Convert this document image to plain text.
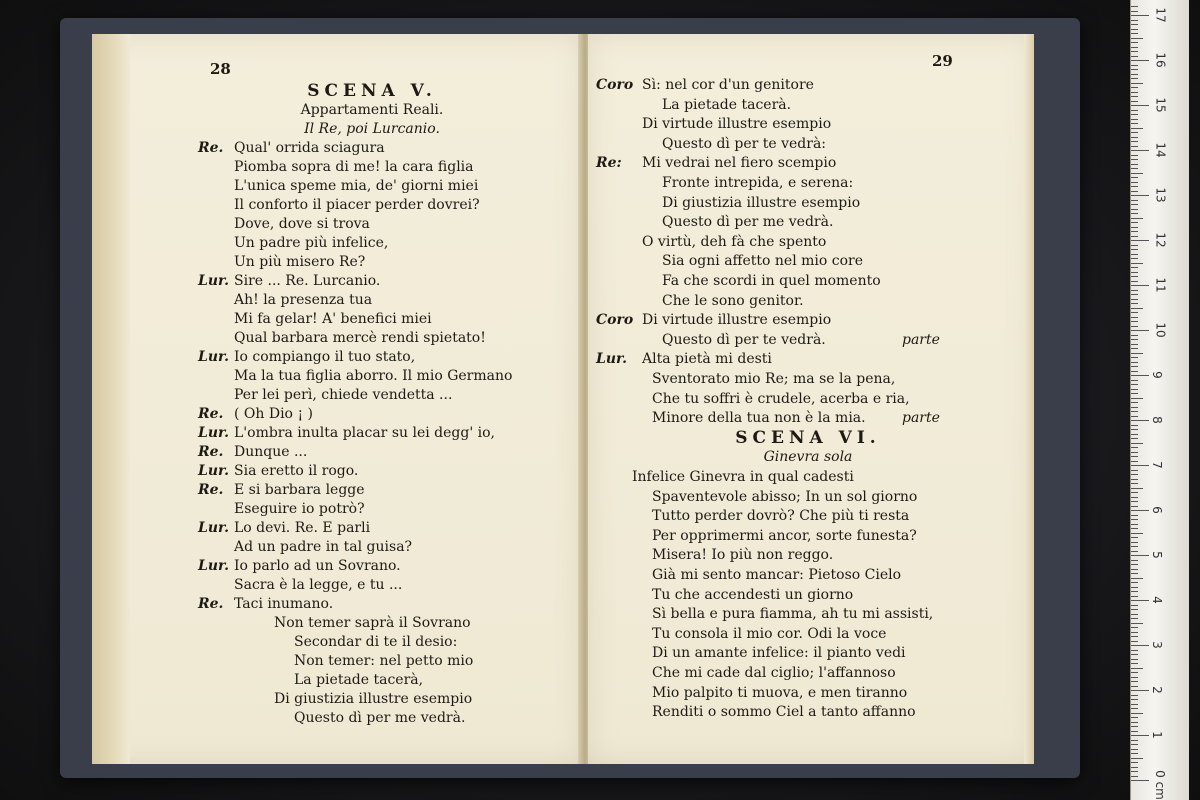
28
SCENA V.
Appartamenti Reali.
Il Re, poi Lurcanio.
Re. Qual' orrida sciagura
Piomba sopra di me! la cara figlia
L'unica speme mia, de' giorni miei
Il conforto il piacer perder dovrei?
Dove, dove si trova
Un padre più infelice,
Un più misero Re?
Lur. Sire ... Re. Lurcanio.
Ah! la presenza tua
Mi fa gelar! A' benefici miei
Qual barbara mercè rendi spietato!
Lur. Io compiango il tuo stato,
Ma la tua figlia aborro. Il mio Germano
Per lei perì, chiede vendetta ...
Re. ( Oh Dio ¡ )
Lur. L'ombra inulta placar su lei degg' io,
Re. Dunque ...
Lur. Sia eretto il rogo.
Re. E si barbara legge
Eseguire io potrò?
Lur. Lo devi. Re. E parli
Ad un padre in tal guisa?
Lur. Io parlo ad un Sovrano.
Sacra è la legge, e tu ...
Re. Taci inumano.
Non temer saprà il Sovrano
Secondar di te il desio:
Non temer: nel petto mio
La pietade tacerà,
Di giustizia illustre esempio
Questo dì per me vedrà.
29
Coro Sì: nel cor d'un genitore
La pietade tacerà.
Di virtude illustre esempio
Questo dì per te vedrà:
Re: Mi vedrai nel fiero scempio
Fronte intrepida, e serena:
Di giustizia illustre esempio
Questo dì per me vedrà.
O virtù, deh fà che spento
Sia ogni affetto nel mio core
Fa che scordi in quel momento
Che le sono genitor.
Coro Di virtude illustre esempio
Questo dì per te vedrà.	parte
Lur. Alta pietà mi desti
Sventorato mio Re; ma se la pena,
Che tu soffri è crudele, acerba e ria,
Minore della tua non è la mia.	parte
SCENA VI.
Ginevra sola
Infelice Ginevra in qual cadesti
Spaventevole abisso; In un sol giorno
Tutto perder dovrò? Che più ti resta
Per opprimermi ancor, sorte funesta?
Misera! Io più non reggo.
Già mi sento mancar: Pietoso Cielo
Tu che accendesti un giorno
Sì bella e pura fiamma, ah tu mi assisti,
Tu consola il mio cor. Odi la voce
Di un amante infelice: il pianto vedi
Che mi cade dal ciglio; l'affannoso
Mio palpito ti muova, e men tiranno
Renditi o sommo Ciel a tanto affanno
1
2
3
4
5
6
7
8
9
10
11
12
13
14
15
16
17
0 cm
